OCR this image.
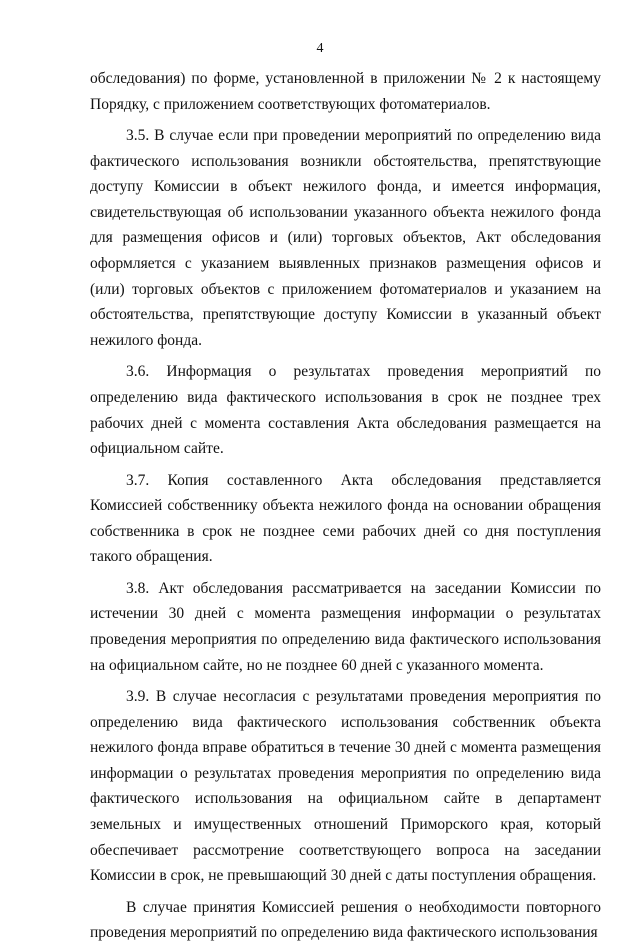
4

обследования) по форме, установленной в приложении № 2 к настоящему Порядку, с приложением соответствующих фотоматериалов.

3.5. В случае если при проведении мероприятий по определению вида фактического использования возникли обстоятельства, препятствующие доступу Комиссии в объект нежилого фонда, и имеется информация, свидетельствующая об использовании указанного объекта нежилого фонда для размещения офисов и (или) торговых объектов, Акт обследования оформляется с указанием выявленных признаков размещения офисов и (или) торговых объектов с приложением фотоматериалов и указанием на обстоятельства, препятствующие доступу Комиссии в указанный объект нежилого фонда.

3.6. Информация о результатах проведения мероприятий по определению вида фактического использования в срок не позднее трех рабочих дней с момента составления Акта обследования размещается на официальном сайте.

3.7. Копия составленного Акта обследования представляется Комиссией собственнику объекта нежилого фонда на основании обращения собственника в срок не позднее семи рабочих дней со дня поступления такого обращения.

3.8. Акт обследования рассматривается на заседании Комиссии по истечении 30 дней с момента размещения информации о результатах проведения мероприятия по определению вида фактического использования на официальном сайте, но не позднее 60 дней с указанного момента.

3.9. В случае несогласия с результатами проведения мероприятия по определению вида фактического использования собственник объекта нежилого фонда вправе обратиться в течение 30 дней с момента размещения информации о результатах проведения мероприятия по определению вида фактического использования на официальном сайте в департамент земельных и имущественных отношений Приморского края, который обеспечивает рассмотрение соответствующего вопроса на заседании Комиссии в срок, не превышающий 30 дней с даты поступления обращения.

В случае принятия Комиссией решения о необходимости повторного проведения мероприятий по определению вида фактического использования
